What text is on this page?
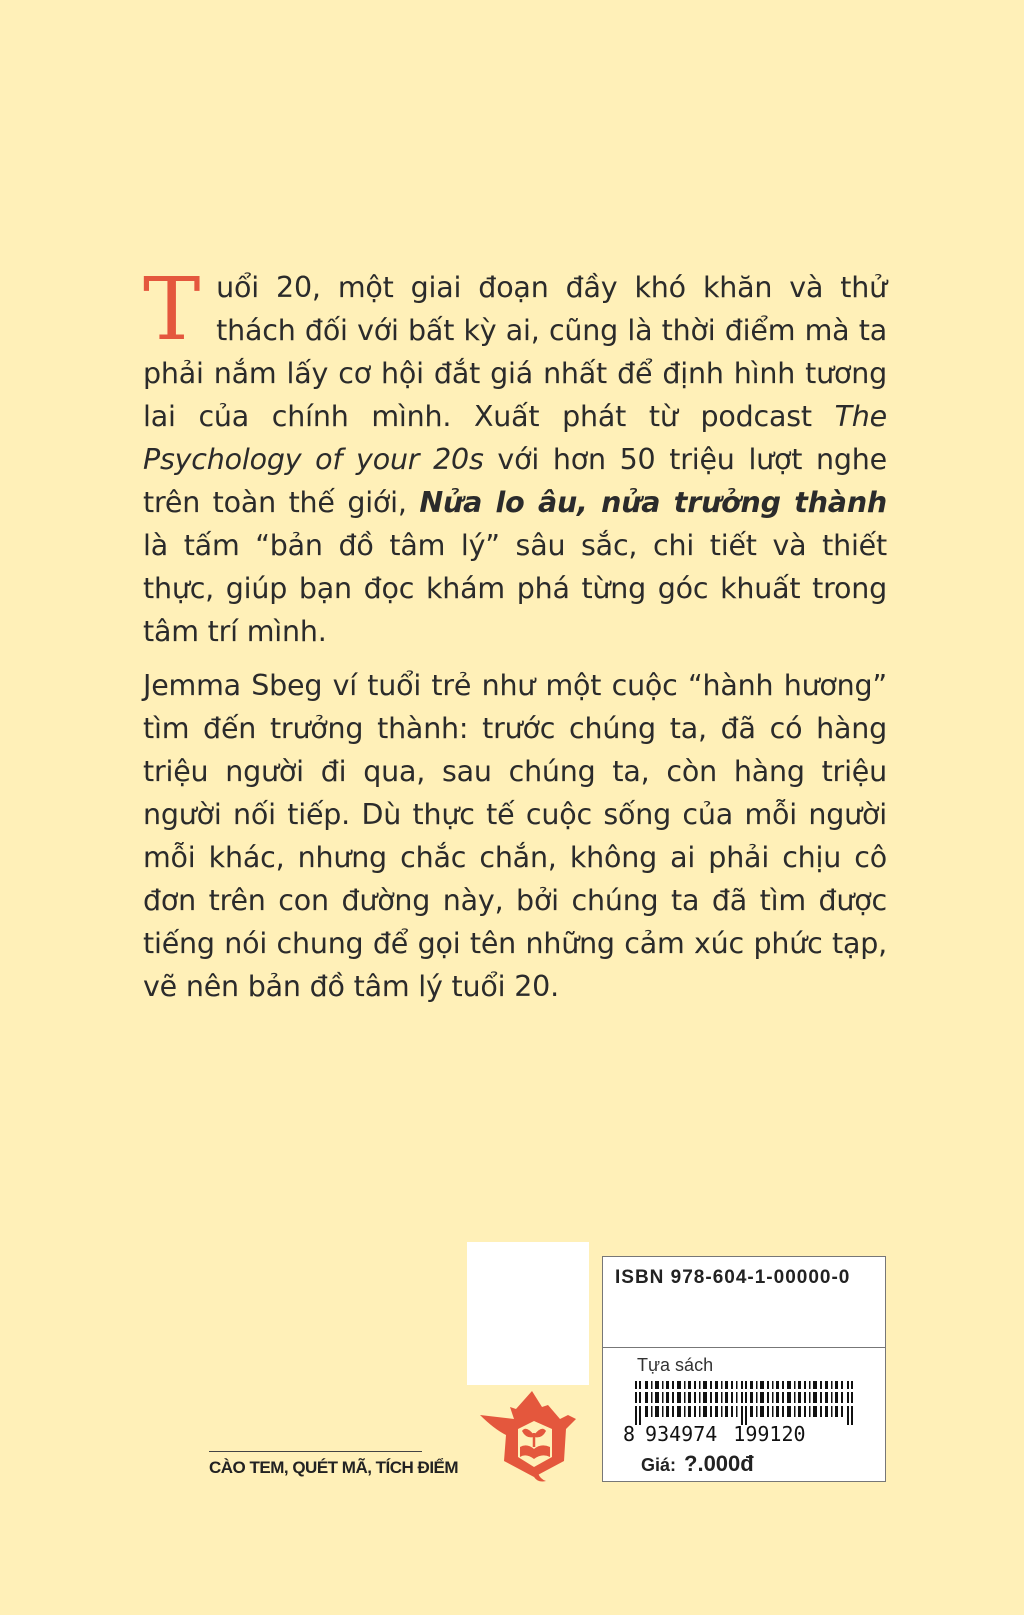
Tuổi 20, một giai đoạn đầy khó khăn và thử thách đối với bất kỳ ai, cũng là thời điểm mà ta phải nắm lấy cơ hội đắt giá nhất để định hình tương lai của chính mình. Xuất phát từ podcast The Psychology of your 20s với hơn 50 triệu lượt nghe trên toàn thế giới, Nửa lo âu, nửa trưởng thành là tấm “bản đồ tâm lý” sâu sắc, chi tiết và thiết thực, giúp bạn đọc khám phá từng góc khuất trong tâm trí mình.

Jemma Sbeg ví tuổi trẻ như một cuộc “hành hương” tìm đến trưởng thành: trước chúng ta, đã có hàng triệu người đi qua, sau chúng ta, còn hàng triệu người nối tiếp. Dù thực tế cuộc sống của mỗi người mỗi khác, nhưng chắc chắn, không ai phải chịu cô đơn trên con đường này, bởi chúng ta đã tìm được tiếng nói chung để gọi tên những cảm xúc phức tạp, vẽ nên bản đồ tâm lý tuổi 20.

CÀO TEM, QUÉT MÃ, TÍCH ĐIỂM
ISBN 978-604-1-00000-0
Tựa sách
8 934974 199120
Giá: ?.000đ
